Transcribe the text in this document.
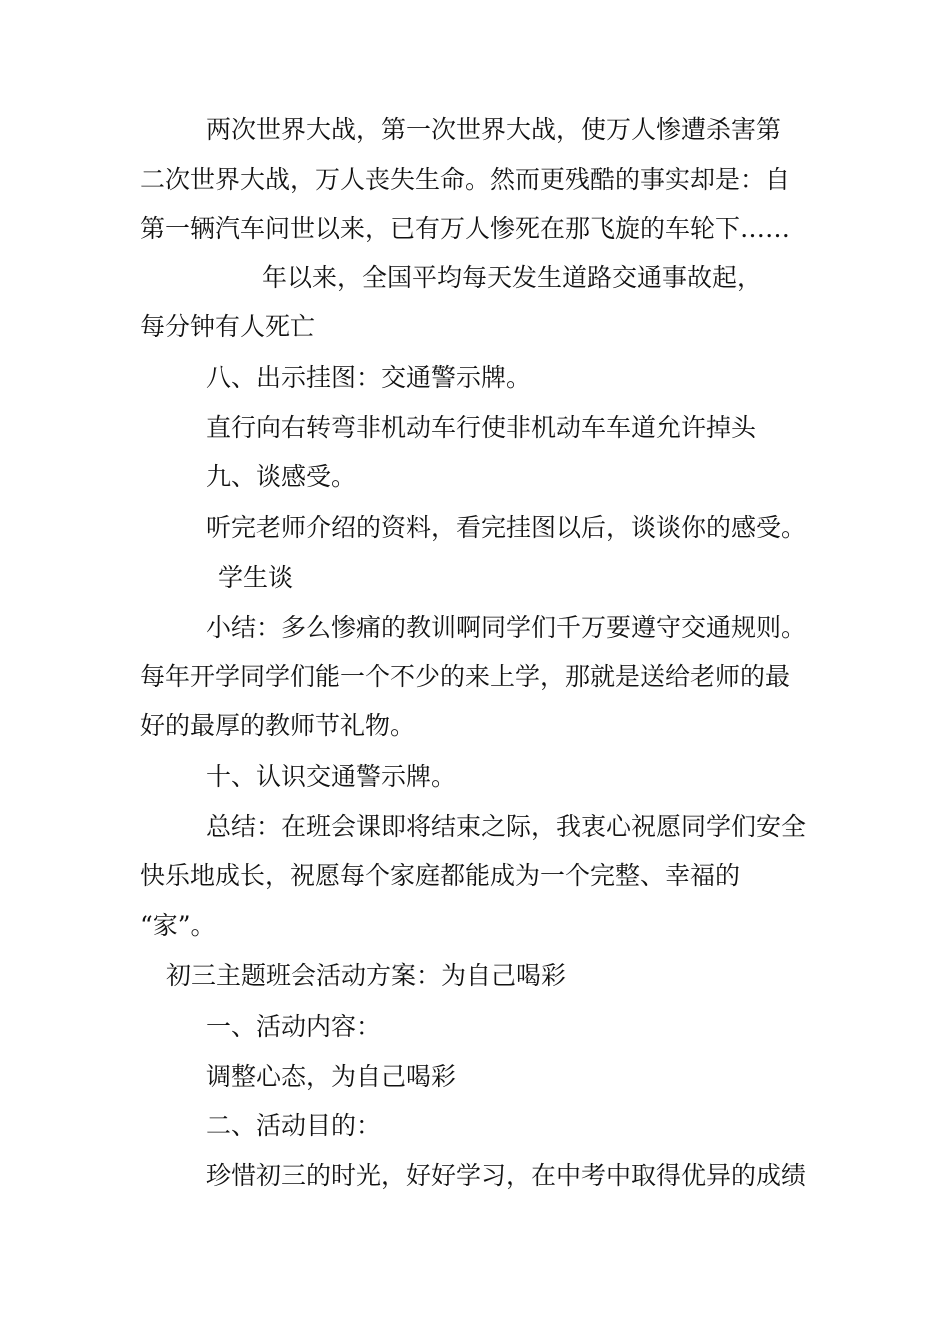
两次世界大战，第一次世界大战，使万人惨遭杀害第

二次世界大战，万人丧失生命。然而更残酷的事实却是：自

第一辆汽车问世以来，已有万人惨死在那飞旋的车轮下……

年以来，全国平均每天发生道路交通事故起，

每分钟有人死亡

八、出示挂图：交通警示牌。

直行向右转弯非机动车行使非机动车车道允许掉头

九、谈感受。

听完老师介绍的资料，看完挂图以后，谈谈你的感受。

学生谈

小结：多么惨痛的教训啊同学们千万要遵守交通规则。

每年开学同学们能一个不少的来上学，那就是送给老师的最

好的最厚的教师节礼物。

十、认识交通警示牌。

总结：在班会课即将结束之际，我衷心祝愿同学们安全

快乐地成长，祝愿每个家庭都能成为一个完整、幸福的

“家”。

初三主题班会活动方案：为自己喝彩

一、活动内容：

调整心态，为自己喝彩

二、活动目的：

珍惜初三的时光，好好学习，在中考中取得优异的成绩
